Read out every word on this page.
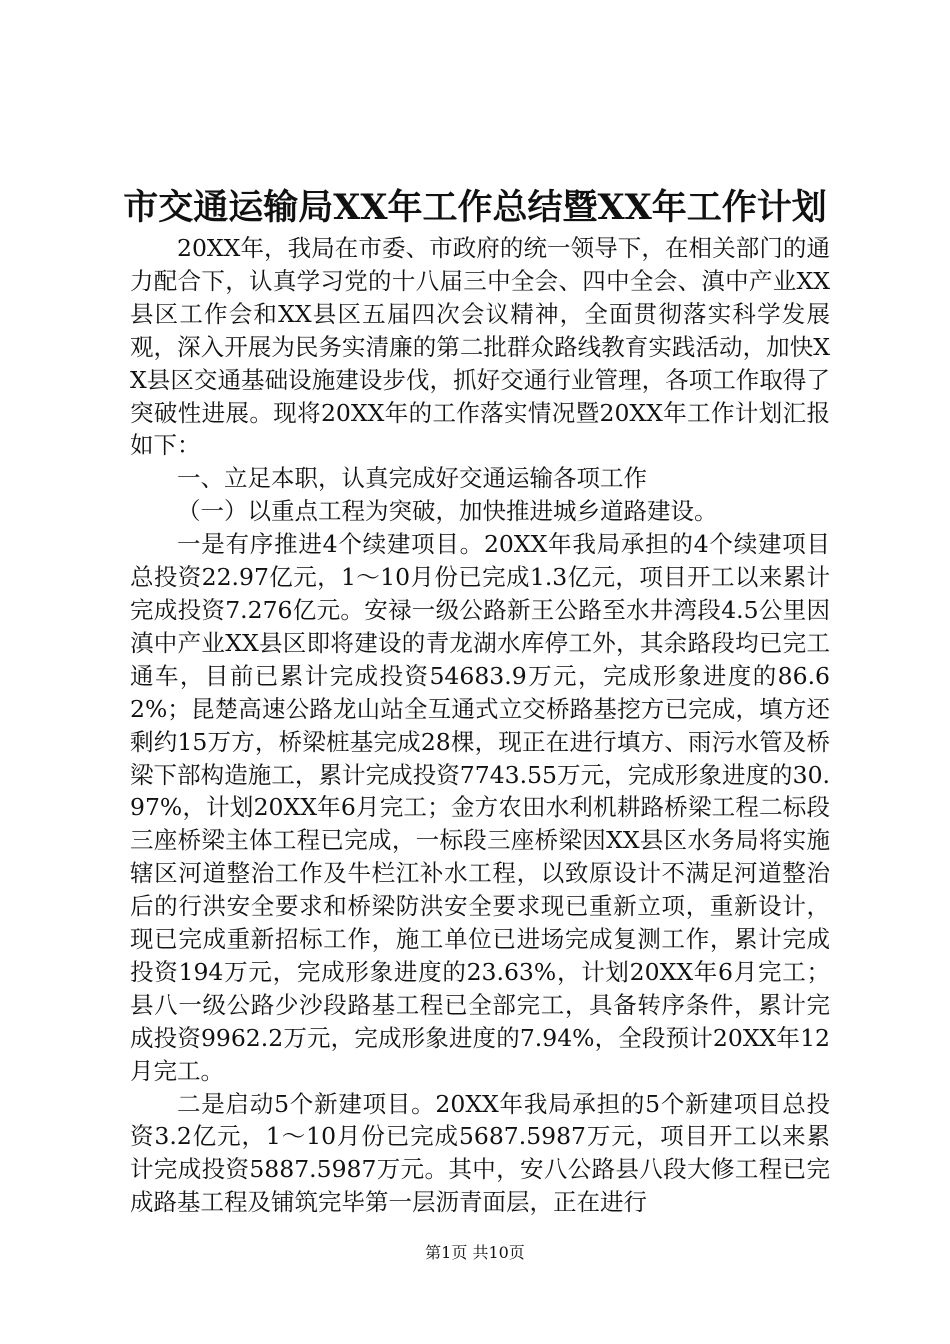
市交通运输局XX年工作总结暨XX年工作计划

20XX年，我局在市委、市政府的统一领导下，在相关部门的通力配合下，认真学习党的十八届三中全会、四中全会、滇中产业XX县区工作会和XX县区五届四次会议精神，全面贯彻落实科学发展观，深入开展为民务实清廉的第二批群众路线教育实践活动，加快XX县区交通基础设施建设步伐，抓好交通行业管理，各项工作取得了突破性进展。现将20XX年的工作落实情况暨20XX年工作计划汇报如下：

一、立足本职，认真完成好交通运输各项工作

（一）以重点工程为突破，加快推进城乡道路建设。

一是有序推进4个续建项目。20XX年我局承担的4个续建项目总投资22.97亿元，1～10月份已完成1.3亿元，项目开工以来累计完成投资7.276亿元。安禄一级公路新王公路至水井湾段4.5公里因滇中产业XX县区即将建设的青龙湖水库停工外，其余路段均已完工通车，目前已累计完成投资54683.9万元，完成形象进度的86.62%；昆楚高速公路龙山站全互通式立交桥路基挖方已完成，填方还剩约15万方，桥梁桩基完成28棵，现正在进行填方、雨污水管及桥梁下部构造施工，累计完成投资7743.55万元，完成形象进度的30.97%，计划20XX年6月完工；金方农田水利机耕路桥梁工程二标段三座桥梁主体工程已完成，一标段三座桥梁因XX县区水务局将实施辖区河道整治工作及牛栏江补水工程，以致原设计不满足河道整治后的行洪安全要求和桥梁防洪安全要求现已重新立项，重新设计，现已完成重新招标工作，施工单位已进场完成复测工作，累计完成投资194万元，完成形象进度的23.63%，计划20XX年6月完工；县八一级公路少沙段路基工程已全部完工，具备转序条件，累计完成投资9962.2万元，完成形象进度的7.94%，全段预计20XX年12月完工。

二是启动5个新建项目。20XX年我局承担的5个新建项目总投资3.2亿元，1～10月份已完成5687.5987万元，项目开工以来累计完成投资5887.5987万元。其中，安八公路县八段大修工程已完成路基工程及铺筑完毕第一层沥青面层，正在进行

第1页 共10页
